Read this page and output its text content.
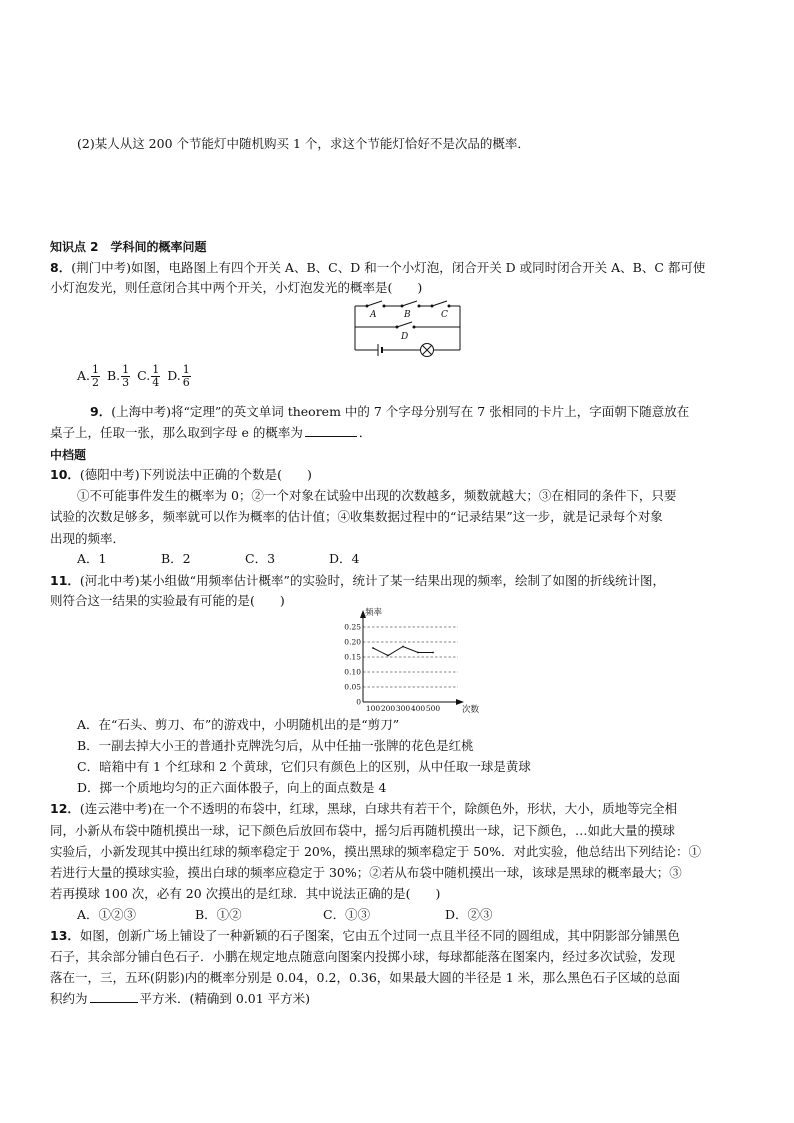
(2)某人从这 200 个节能灯中随机购买 1 个，求这个节能灯恰好不是次品的概率．
知识点 2　学科间的概率问题
8．(荆门中考)如图，电路图上有四个开关 A、B、C、D 和一个小灯泡，闭合开关 D 或同时闭合开关 A、B、C 都可使
小灯泡发光，则任意闭合其中两个开关，小灯泡发光的概率是(　　)
A	B	C
D
A. $\frac{1}{2} B$. $\frac{1}{3} C$. $\frac{1}{4} D$. $\frac{1}{6}$
9．(上海中考)将“定理”的英文单词 theorem 中的 7 个字母分别写在 7 张相同的卡片上，字面朝下随意放在
桌子上，任取一张，那么取到字母 e 的概率为	．
中档题
10．(德阳中考)下列说法中正确的个数是(　　)
①不可能事件发生的概率为 0；②一个对象在试验中出现的次数越多，频数就越大；③在相同的条件下，只要
试验的次数足够多，频率就可以作为概率的估计值；④收集数据过程中的“记录结果”这一步，就是记录每个对象
出现的频率．
A．1	B．2	C．3	D．4
11．(河北中考)某小组做“用频率估计概率”的实验时，统计了某一结果出现的频率，绘制了如图的折线统计图，
则符合这一结果的实验最有可能的是(　　)
频率
次数
0.25
0.20
0.15
0.10
0.05
0
100 200 300 400 500
A．在“石头、剪刀、布”的游戏中，小明随机出的是“剪刀”
B．一副去掉大小王的普通扑克牌洗匀后，从中任抽一张牌的花色是红桃
C．暗箱中有 1 个红球和 2 个黄球，它们只有颜色上的区别，从中任取一球是黄球
D．掷一个质地均匀的正六面体骰子，向上的面点数是 4
12．(连云港中考)在一个不透明的布袋中，红球，黑球，白球共有若干个，除颜色外，形状，大小，质地等完全相
同，小新从布袋中随机摸出一球，记下颜色后放回布袋中，摇匀后再随机摸出一球，记下颜色，…如此大量的摸球
实验后，小新发现其中摸出红球的频率稳定于 20%，摸出黑球的频率稳定于 50%．对此实验，他总结出下列结论：①
若进行大量的摸球实验，摸出白球的频率应稳定于 30%；②若从布袋中随机摸出一球，该球是黑球的概率最大；③
若再摸球 100 次，必有 20 次摸出的是红球．其中说法正确的是(　　)
A．①②③	B．①②	C．①③	D．②③
13．如图，创新广场上铺设了一种新颖的石子图案，它由五个过同一点且半径不同的圆组成，其中阴影部分铺黑色
石子，其余部分铺白色石子．小鹏在规定地点随意向图案内投掷小球，每球都能落在图案内，经过多次试验，发现
落在一，三，五环(阴影)内的概率分别是 0.04，0.2，0.36，如果最大圆的半径是 1 米，那么黑色石子区域的总面
积约为	平方米．(精确到 0.01 平方米)
